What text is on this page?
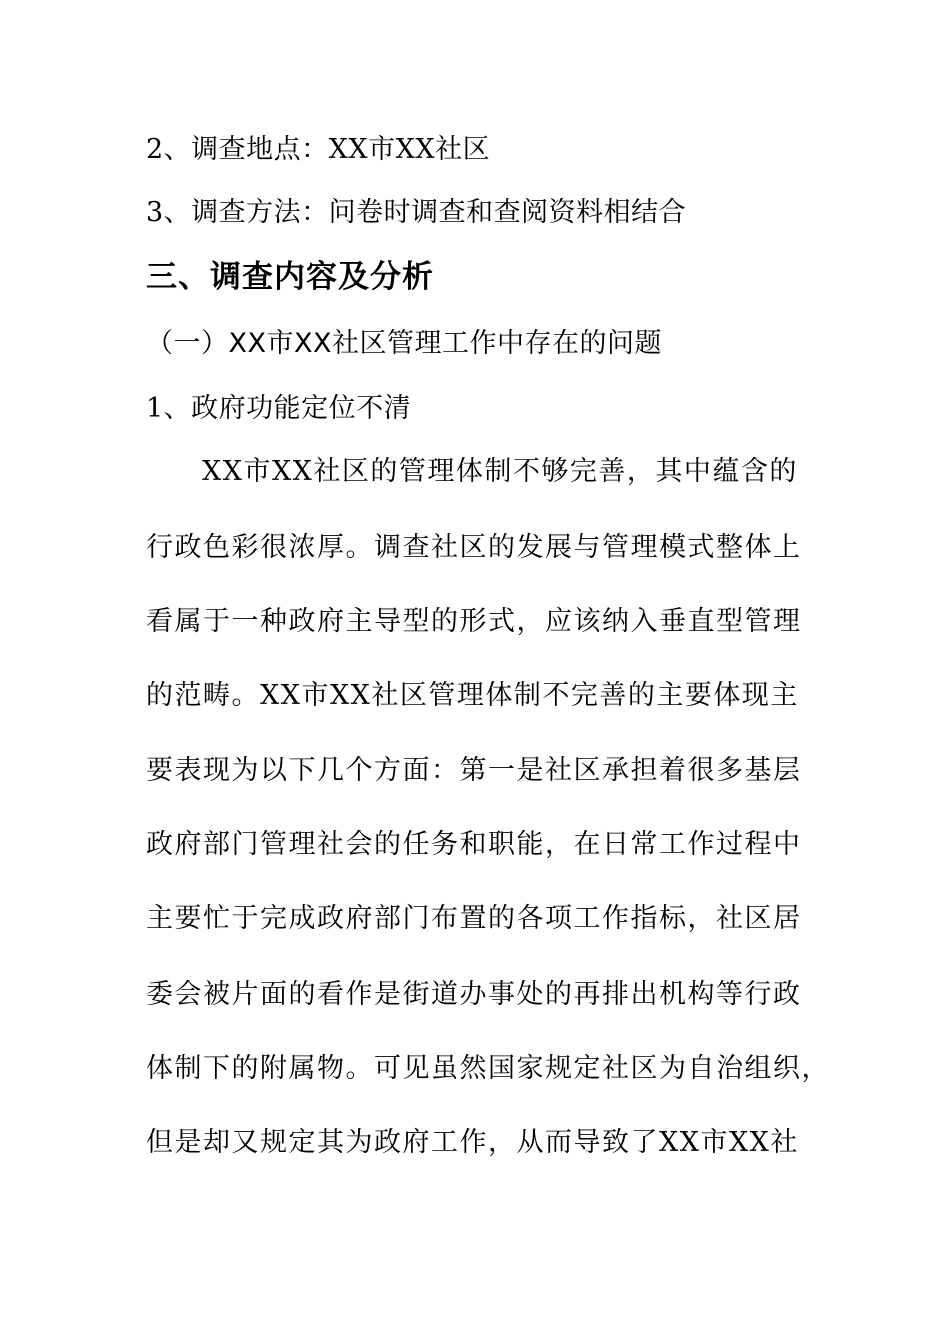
2、调查地点：XX市XX社区
3、调查方法：问卷时调查和查阅资料相结合
三、调查内容及分析
（一）XX市XX社区管理工作中存在的问题
1、政府功能定位不清
XX市XX社区的管理体制不够完善，其中蕴含的
行政色彩很浓厚。调查社区的发展与管理模式整体上
看属于一种政府主导型的形式，应该纳入垂直型管理
的范畴。XX市XX社区管理体制不完善的主要体现主
要表现为以下几个方面：第一是社区承担着很多基层
政府部门管理社会的任务和职能，在日常工作过程中
主要忙于完成政府部门布置的各项工作指标，社区居
委会被片面的看作是街道办事处的再排出机构等行政
体制下的附属物。可见虽然国家规定社区为自治组织，
但是却又规定其为政府工作，从而导致了XX市XX社
